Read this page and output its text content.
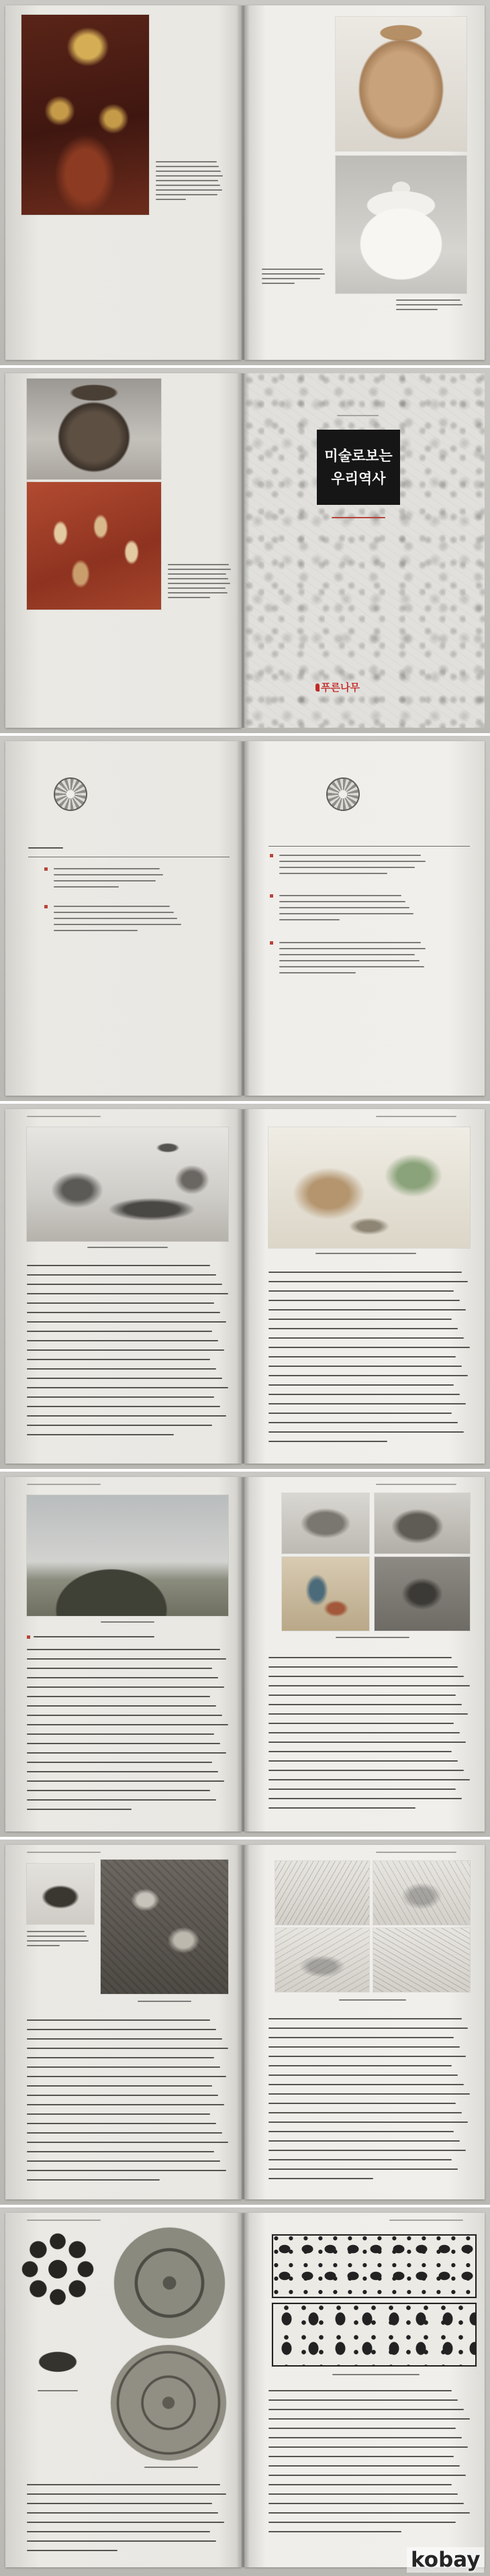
미술로보는
우리역사
푸른나무
kobay
